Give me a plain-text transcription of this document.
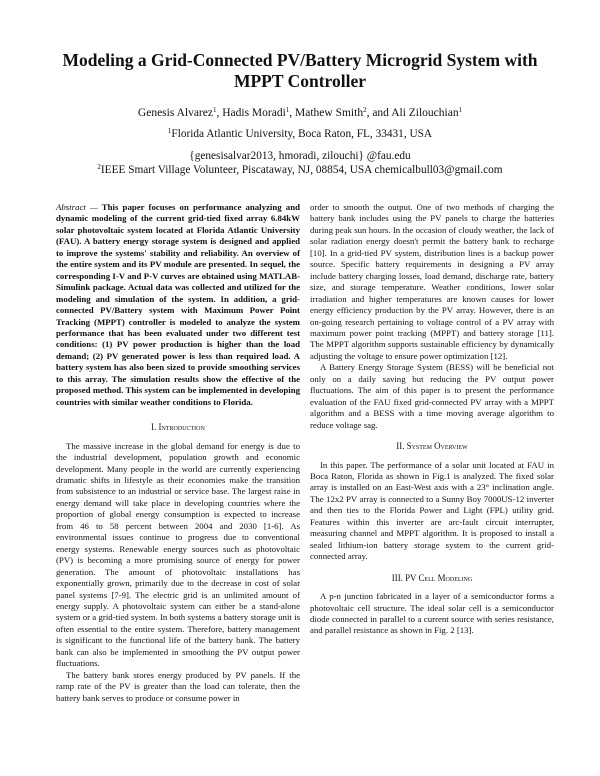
Modeling a Grid-Connected PV/Battery Microgrid System with MPPT Controller
Genesis Alvarez$^1$, Hadis Moradi$^1$, Mathew Smith$^2$, and Ali Zilouchian$^1$
$^1$Florida Atlantic University, Boca Raton, FL, 33431, USA
{genesisalvar2013, hmoradi, zilouchi} @fau.edu
$^2$IEEE Smart Village Volunteer, Piscataway, NJ, 08854, USA chemicalbull03@gmail.com
Abstract — This paper focuses on performance analyzing and dynamic modeling of the current grid-tied fixed array 6.84kW solar photovoltaic system located at Florida Atlantic University (FAU). A battery energy storage system is designed and applied to improve the systems' stability and reliability. An overview of the entire system and its PV module are presented. In sequel, the corresponding I-V and P-V curves are obtained using MATLAB-Simulink package. Actual data was collected and utilized for the modeling and simulation of the system. In addition, a grid-connected PV/Battery system with Maximum Power Point Tracking (MPPT) controller is modeled to analyze the system performance that has been evaluated under two different test conditions: (1) PV power production is higher than the load demand; (2) PV generated power is less than required load. A battery system has also been sized to provide smoothing services to this array. The simulation results show the effective of the proposed method. This system can be implemented in developing countries with similar weather conditions to Florida.
I. Introduction

The massive increase in the global demand for energy is due to the industrial development, population growth and economic development. Many people in the world are currently experiencing dramatic shifts in lifestyle as their economies make the transition from subsistence to an industrial or service base. The largest raise in energy demand will take place in developing countries where the proportion of global energy consumption is expected to increase from 46 to 58 percent between 2004 and 2030 [1-6]. As environmental issues continue to progress due to conventional energy systems. Renewable energy sources such as photovoltaic (PV) is becoming a more promising source of energy for power generation. The amount of photovoltaic installations has exponentially grown, primarily due to the decrease in cost of solar panel systems [7-9]. The electric grid is an unlimited amount of energy supply. A photovoltaic system can either be a stand-alone system or a grid-tied system. In both systems a battery storage unit is often essential to the entire system. Therefore, battery management is significant to the functional life of the battery bank. The battery bank can also be implemented in smoothing the PV output power fluctuations.

The battery bank stores energy produced by PV panels. If the ramp rate of the PV is greater than the load can tolerate, then the battery bank serves to produce or consume power in

order to smooth the output. One of two methods of charging the battery bank includes using the PV panels to charge the batteries during peak sun hours. In the occasion of cloudy weather, the lack of solar radiation energy doesn't permit the battery bank to recharge [10]. In a grid-tied PV system, distribution lines is a backup power source. Specific battery requirements in designing a PV array include battery charging losses, load demand, discharge rate, battery size, and storage temperature. Weather conditions, lower solar irradiation and higher temperatures are known causes for lower energy efficiency production by the PV array. However, there is an on-going research pertaining to voltage control of a PV array with maximum power point tracking (MPPT) and battery storage [11]. The MPPT algorithm supports sustainable efficiency by dynamically adjusting the voltage to ensure power optimization [12].

A Battery Energy Storage System (BESS) will be beneficial not only on a daily saving but reducing the PV output power fluctuations. The aim of this paper is to present the performance evaluation of the FAU fixed grid-connected PV array with a MPPT algorithm and a BESS with a time moving average algorithm to reduce voltage sag.

II. System Overview

In this paper. The performance of a solar unit located at FAU in Boca Raton, Florida as shown in Fig.1 is analyzed. The fixed solar array is installed on an East-West axis with a 23° inclination angle. The 12x2 PV array is connected to a Sunny Boy 7000US-12 inverter and then ties to the Florida Power and Light (FPL) utility grid. Features within this inverter are arc-fault circuit interrupter, measuring channel and MPPT algorithm. It is proposed to install a sealed lithium-ion battery storage system to the current grid-connected array.

III. PV Cell Modeling

A p-n junction fabricated in a layer of a semiconductor forms a photovoltaic cell structure. The ideal solar cell is a semiconductor diode connected in parallel to a current source with series resistance, and parallel resistance as shown in Fig. 2 [13].
